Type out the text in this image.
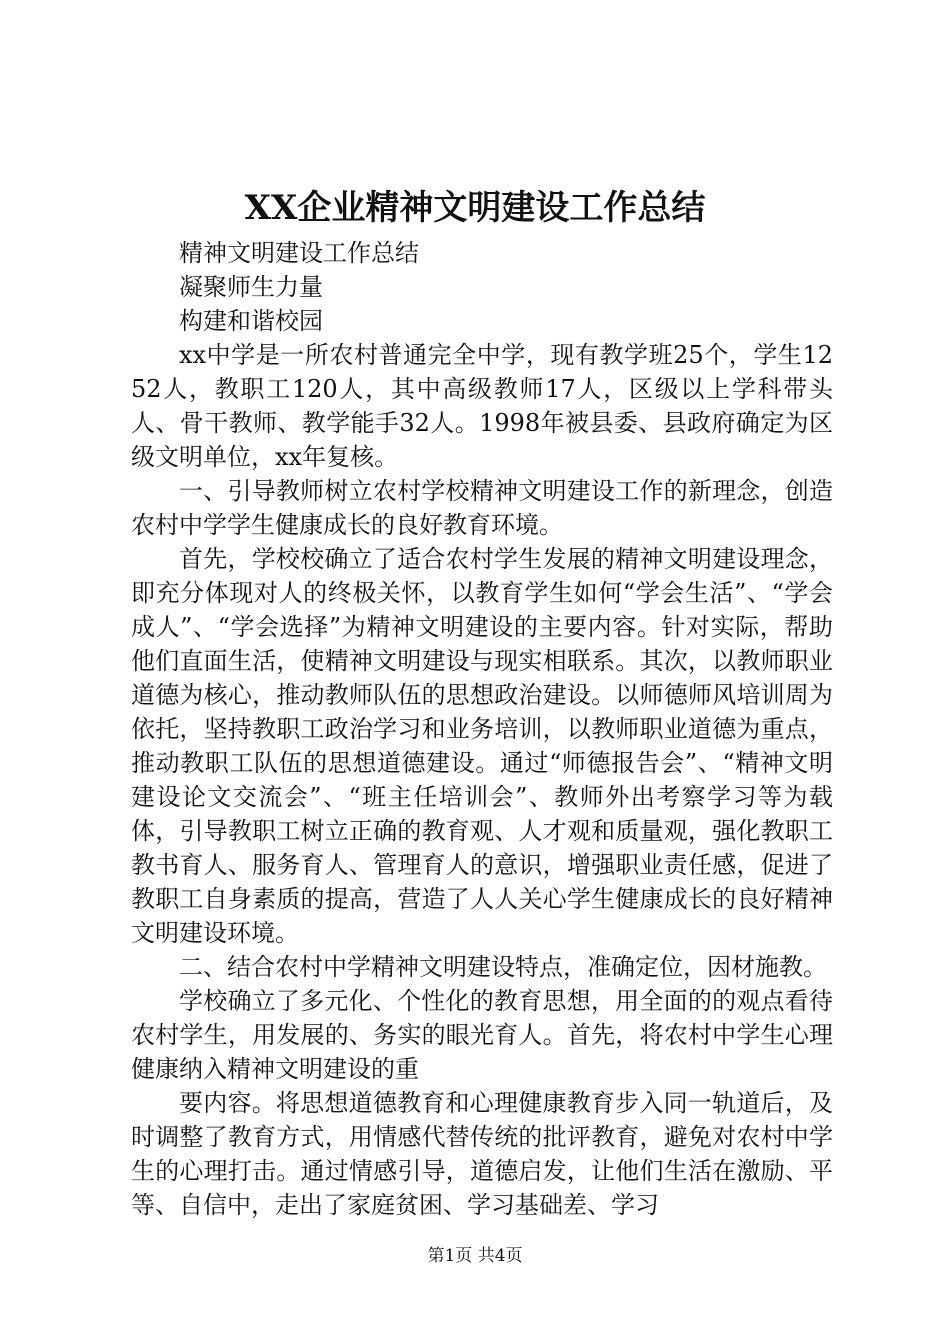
XX企业精神文明建设工作总结

精神文明建设工作总结

凝聚师生力量

构建和谐校园

xx中学是一所农村普通完全中学，现有教学班25个，学生1252人，教职工120人，其中高级教师17人，区级以上学科带头人、骨干教师、教学能手32人。1998年被县委、县政府确定为区级文明单位，xx年复核。

一、引导教师树立农村学校精神文明建设工作的新理念，创造农村中学学生健康成长的良好教育环境。

首先，学校校确立了适合农村学生发展的精神文明建设理念，即充分体现对人的终极关怀，以教育学生如何“学会生活”、“学会成人”、“学会选择”为精神文明建设的主要内容。针对实际，帮助他们直面生活，使精神文明建设与现实相联系。其次，以教师职业道德为核心，推动教师队伍的思想政治建设。以师德师风培训周为依托，坚持教职工政治学习和业务培训，以教师职业道德为重点，推动教职工队伍的思想道德建设。通过“师德报告会”、“精神文明建设论文交流会”、“班主任培训会”、教师外出考察学习等为载体，引导教职工树立正确的教育观、人才观和质量观，强化教职工教书育人、服务育人、管理育人的意识，增强职业责任感，促进了教职工自身素质的提高，营造了人人关心学生健康成长的良好精神文明建设环境。

二、结合农村中学精神文明建设特点，准确定位，因材施教。

学校确立了多元化、个性化的教育思想，用全面的的观点看待农村学生，用发展的、务实的眼光育人。首先，将农村中学生心理健康纳入精神文明建设的重

要内容。将思想道德教育和心理健康教育步入同一轨道后，及时调整了教育方式，用情感代替传统的批评教育，避免对农村中学生的心理打击。通过情感引导，道德启发，让他们生活在激励、平等、自信中，走出了家庭贫困、学习基础差、学习

第1页 共4页
